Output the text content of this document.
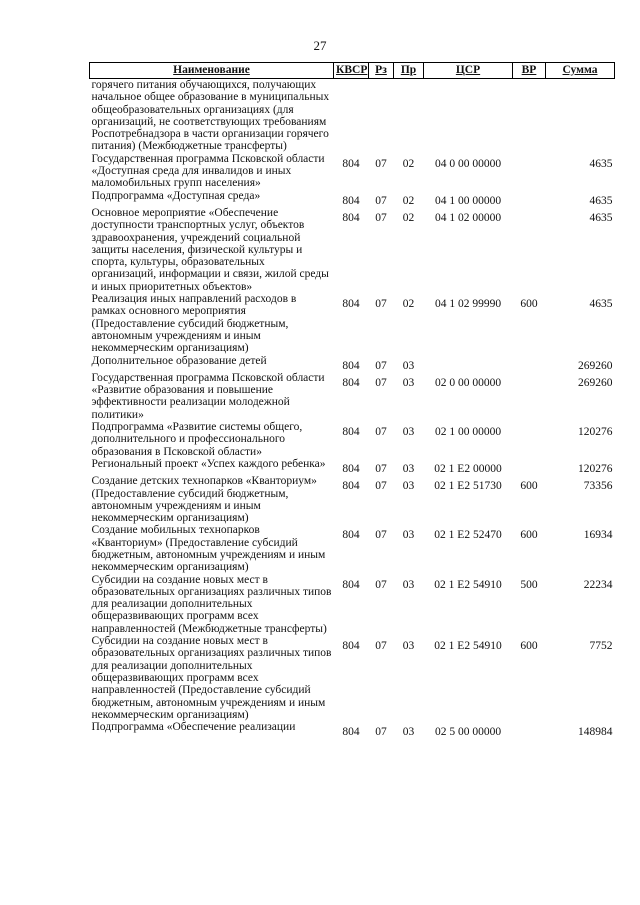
27
Наименование	КВСР	Рз	Пр	ЦСР	ВР	Сумма
горячего питания обучающихся, получающих начальное общее образование в муниципальных общеобразовательных организациях (для организаций, не соответствующих требованиям Роспотребнадзора в части организации горячего питания) (Межбюджетные трансферты)						
Государственная программа Псковской области «Доступная среда для инвалидов и иных маломобильных групп населения»	804	07	02	04 0 00 00000		4635
Подпрограмма «Доступная среда»	804	07	02	04 1 00 00000		4635
Основное мероприятие «Обеспечение доступности транспортных услуг, объектов здравоохранения, учреждений социальной защиты населения, физической культуры и спорта, культуры, образовательных организаций, информации и связи, жилой среды и иных приоритетных объектов»	804	07	02	04 1 02 00000		4635
Реализация иных направлений расходов в рамках основного мероприятия (Предоставление субсидий бюджетным, автономным учреждениям и иным некоммерческим организациям)	804	07	02	04 1 02 99990	600	4635
Дополнительное образование детей	804	07	03			269260
Государственная программа Псковской области «Развитие образования и повышение эффективности реализации молодежной политики»	804	07	03	02 0 00 00000		269260
Подпрограмма «Развитие системы общего, дополнительного и профессионального образования в Псковской области»	804	07	03	02 1 00 00000		120276
Региональный проект «Успех каждого ребенка»	804	07	03	02 1 E2 00000		120276
Создание детских технопарков «Кванториум» (Предоставление субсидий бюджетным, автономным учреждениям и иным некоммерческим организациям)	804	07	03	02 1 E2 51730	600	73356
Создание мобильных технопарков «Кванториум» (Предоставление субсидий бюджетным, автономным учреждениям и иным некоммерческим организациям)	804	07	03	02 1 E2 52470	600	16934
Субсидии на создание новых мест в образовательных организациях различных типов для реализации дополнительных общеразвивающих программ всех направленностей (Межбюджетные трансферты)	804	07	03	02 1 E2 54910	500	22234
Субсидии на создание новых мест в образовательных организациях различных типов для реализации дополнительных общеразвивающих программ всех направленностей (Предоставление субсидий бюджетным, автономным учреждениям и иным некоммерческим организациям)	804	07	03	02 1 E2 54910	600	7752
Подпрограмма «Обеспечение реализации	804	07	03	02 5 00 00000		148984
